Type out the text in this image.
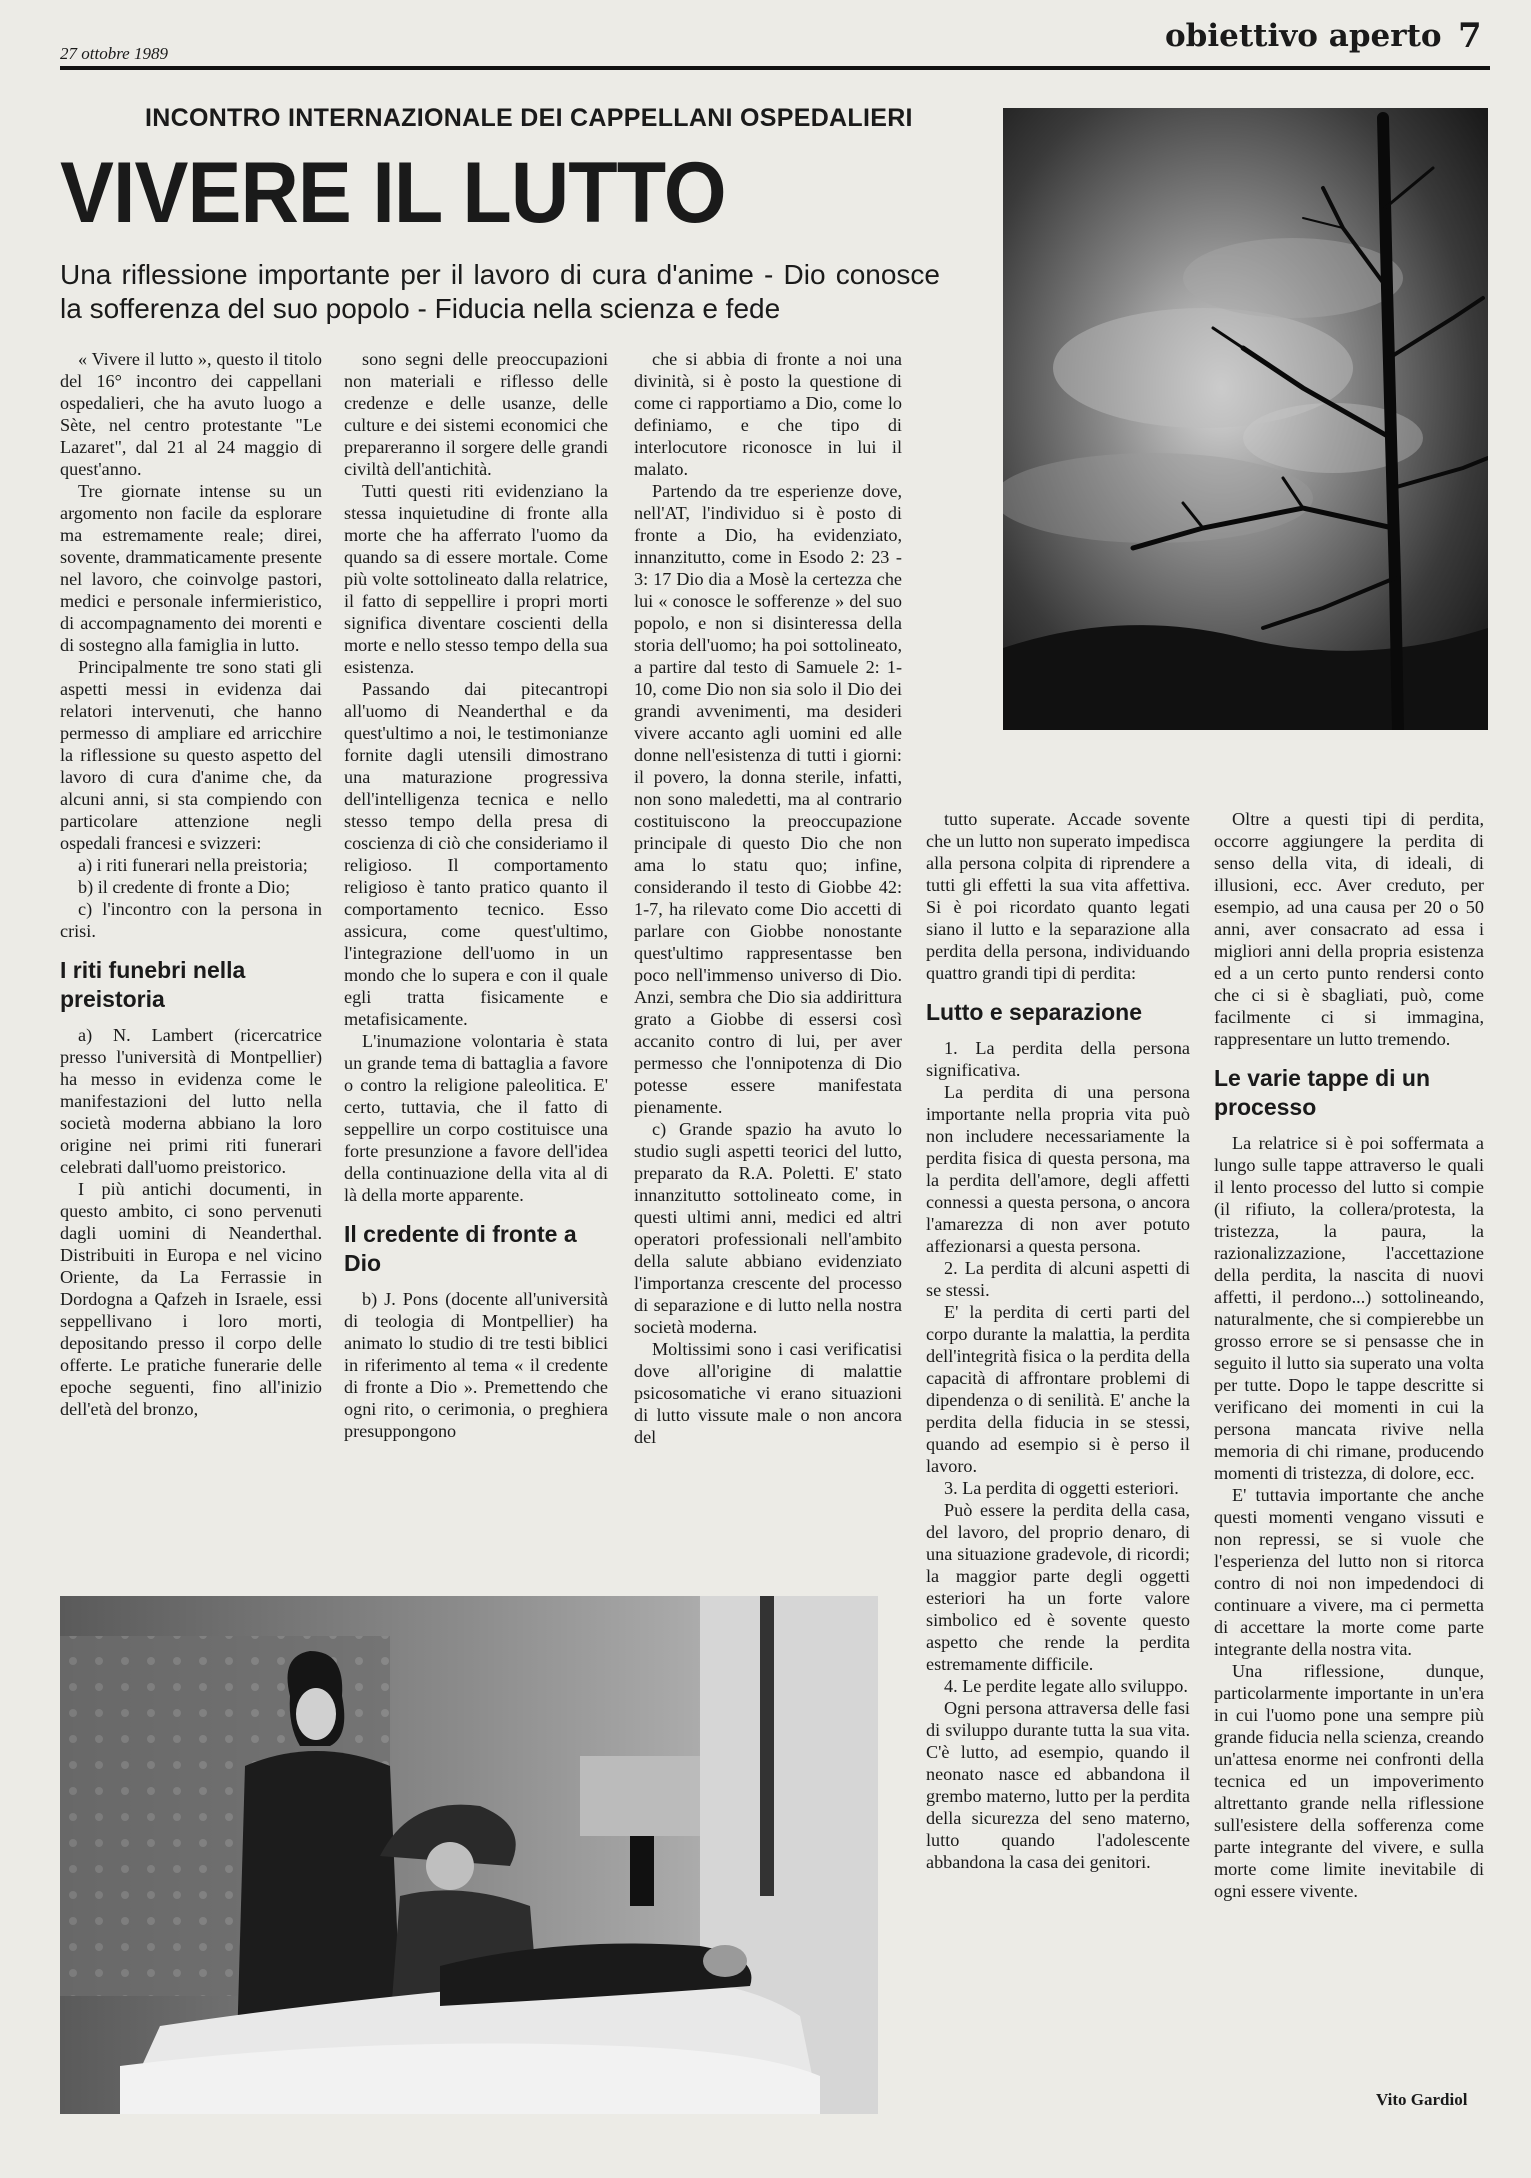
27 ottobre 1989	obiettivo aperto 7
INCONTRO INTERNAZIONALE DEI CAPPELLANI OSPEDALIERI
VIVERE IL LUTTO
Una riflessione importante per il lavoro di cura d'anime - Dio conosce la sofferenza del suo popolo - Fiducia nella scienza e fede

« Vivere il lutto », questo il titolo del 16° incontro dei cappellani ospedalieri, che ha avuto luogo a Sète, nel centro protestante "Le Lazaret", dal 21 al 24 maggio di quest'anno.

Tre giornate intense su un argomento non facile da esplorare ma estremamente reale; direi, sovente, drammaticamente presente nel lavoro, che coinvolge pastori, medici e personale infermieristico, di accompagnamento dei morenti e di sostegno alla famiglia in lutto.

Principalmente tre sono stati gli aspetti messi in evidenza dai relatori intervenuti, che hanno permesso di ampliare ed arricchire la riflessione su questo aspetto del lavoro di cura d'anime che, da alcuni anni, si sta compiendo con particolare attenzione negli ospedali francesi e svizzeri:

a) i riti funerari nella preistoria;

b) il credente di fronte a Dio;

c) l'incontro con la persona in crisi.

I riti funebri nella preistoria

a) N. Lambert (ricercatrice presso l'università di Montpellier) ha messo in evidenza come le manifestazioni del lutto nella società moderna abbiano la loro origine nei primi riti funerari celebrati dall'uomo preistorico.

I più antichi documenti, in questo ambito, ci sono pervenuti dagli uomini di Neanderthal. Distribuiti in Europa e nel vicino Oriente, da La Ferrassie in Dordogna a Qafzeh in Israele, essi seppellivano i loro morti, depositando presso il corpo delle offerte. Le pratiche funerarie delle epoche seguenti, fino all'inizio dell'età del bronzo,

sono segni delle preoccupazioni non materiali e riflesso delle credenze e delle usanze, delle culture e dei sistemi economici che prepareranno il sorgere delle grandi civiltà dell'antichità.

Tutti questi riti evidenziano la stessa inquietudine di fronte alla morte che ha afferrato l'uomo da quando sa di essere mortale. Come più volte sottolineato dalla relatrice, il fatto di seppellire i propri morti significa diventare coscienti della morte e nello stesso tempo della sua esistenza.

Passando dai pitecantropi all'uomo di Neanderthal e da quest'ultimo a noi, le testimonianze fornite dagli utensili dimostrano una maturazione progressiva dell'intelligenza tecnica e nello stesso tempo della presa di coscienza di ciò che consideriamo il religioso. Il comportamento religioso è tanto pratico quanto il comportamento tecnico. Esso assicura, come quest'ultimo, l'integrazione dell'uomo in un mondo che lo supera e con il quale egli tratta fisicamente e metafisicamente.

L'inumazione volontaria è stata un grande tema di battaglia a favore o contro la religione paleolitica. E' certo, tuttavia, che il fatto di seppellire un corpo costituisce una forte presunzione a favore dell'idea della continuazione della vita al di là della morte apparente.

Il credente di fronte a Dio

b) J. Pons (docente all'università di teologia di Montpellier) ha animato lo studio di tre testi biblici in riferimento al tema « il credente di fronte a Dio ». Premettendo che ogni rito, o cerimonia, o preghiera presuppongono

che si abbia di fronte a noi una divinità, si è posto la questione di come ci rapportiamo a Dio, come lo definiamo, e che tipo di interlocutore riconosce in lui il malato.

Partendo da tre esperienze dove, nell'AT, l'individuo si è posto di fronte a Dio, ha evidenziato, innanzitutto, come in Esodo 2: 23 - 3: 17 Dio dia a Mosè la certezza che lui « conosce le sofferenze » del suo popolo, e non si disinteressa della storia dell'uomo; ha poi sottolineato, a partire dal testo di Samuele 2: 1-10, come Dio non sia solo il Dio dei grandi avvenimenti, ma desideri vivere accanto agli uomini ed alle donne nell'esistenza di tutti i giorni: il povero, la donna sterile, infatti, non sono maledetti, ma al contrario costituiscono la preoccupazione principale di questo Dio che non ama lo statu quo; infine, considerando il testo di Giobbe 42: 1-7, ha rilevato come Dio accetti di parlare con Giobbe nonostante quest'ultimo rappresentasse ben poco nell'immenso universo di Dio. Anzi, sembra che Dio sia addirittura grato a Giobbe di essersi così accanito contro di lui, per aver permesso che l'onnipotenza di Dio potesse essere manifestata pienamente.

c) Grande spazio ha avuto lo studio sugli aspetti teorici del lutto, preparato da R.A. Poletti. E' stato innanzitutto sottolineato come, in questi ultimi anni, medici ed altri operatori professionali nell'ambito della salute abbiano evidenziato l'importanza crescente del processo di separazione e di lutto nella nostra società moderna.

Moltissimi sono i casi verificatisi dove all'origine di malattie psicosomatiche vi erano situazioni di lutto vissute male o non ancora del

tutto superate. Accade sovente che un lutto non superato impedisca alla persona colpita di riprendere a tutti gli effetti la sua vita affettiva. Si è poi ricordato quanto legati siano il lutto e la separazione alla perdita della persona, individuando quattro grandi tipi di perdita:

Lutto e separazione

1. La perdita della persona significativa.

La perdita di una persona importante nella propria vita può non includere necessariamente la perdita fisica di questa persona, ma la perdita dell'amore, degli affetti connessi a questa persona, o ancora l'amarezza di non aver potuto affezionarsi a questa persona.

2. La perdita di alcuni aspetti di se stessi.

E' la perdita di certi parti del corpo durante la malattia, la perdita dell'integrità fisica o la perdita della capacità di affrontare problemi di dipendenza o di senilità. E' anche la perdita della fiducia in se stessi, quando ad esempio si è perso il lavoro.

3. La perdita di oggetti esteriori.

Può essere la perdita della casa, del lavoro, del proprio denaro, di una situazione gradevole, di ricordi; la maggior parte degli oggetti esteriori ha un forte valore simbolico ed è sovente questo aspetto che rende la perdita estremamente difficile.

4. Le perdite legate allo sviluppo.

Ogni persona attraversa delle fasi di sviluppo durante tutta la sua vita. C'è lutto, ad esempio, quando il neonato nasce ed abbandona il grembo materno, lutto per la perdita della sicurezza del seno materno, lutto quando l'adolescente abbandona la casa dei genitori.

Oltre a questi tipi di perdita, occorre aggiungere la perdita di senso della vita, di ideali, di illusioni, ecc. Aver creduto, per esempio, ad una causa per 20 o 50 anni, aver consacrato ad essa i migliori anni della propria esistenza ed a un certo punto rendersi conto che ci si è sbagliati, può, come facilmente ci si immagina, rappresentare un lutto tremendo.

Le varie tappe di un processo

La relatrice si è poi soffermata a lungo sulle tappe attraverso le quali il lento processo del lutto si compie (il rifiuto, la collera/protesta, la tristezza, la paura, la razionalizzazione, l'accettazione della perdita, la nascita di nuovi affetti, il perdono...) sottolineando, naturalmente, che si compierebbe un grosso errore se si pensasse che in seguito il lutto sia superato una volta per tutte. Dopo le tappe descritte si verificano dei momenti in cui la persona mancata rivive nella memoria di chi rimane, producendo momenti di tristezza, di dolore, ecc.

E' tuttavia importante che anche questi momenti vengano vissuti e non repressi, se si vuole che l'esperienza del lutto non si ritorca contro di noi non impedendoci di continuare a vivere, ma ci permetta di accettare la morte come parte integrante della nostra vita.

Una riflessione, dunque, particolarmente importante in un'era in cui l'uomo pone una sempre più grande fiducia nella scienza, creando un'attesa enorme nei confronti della tecnica ed un impoverimento altrettanto grande nella riflessione sull'esistere della sofferenza come parte integrante del vivere, e sulla morte come limite inevitabile di ogni essere vivente.

Vito Gardiol
